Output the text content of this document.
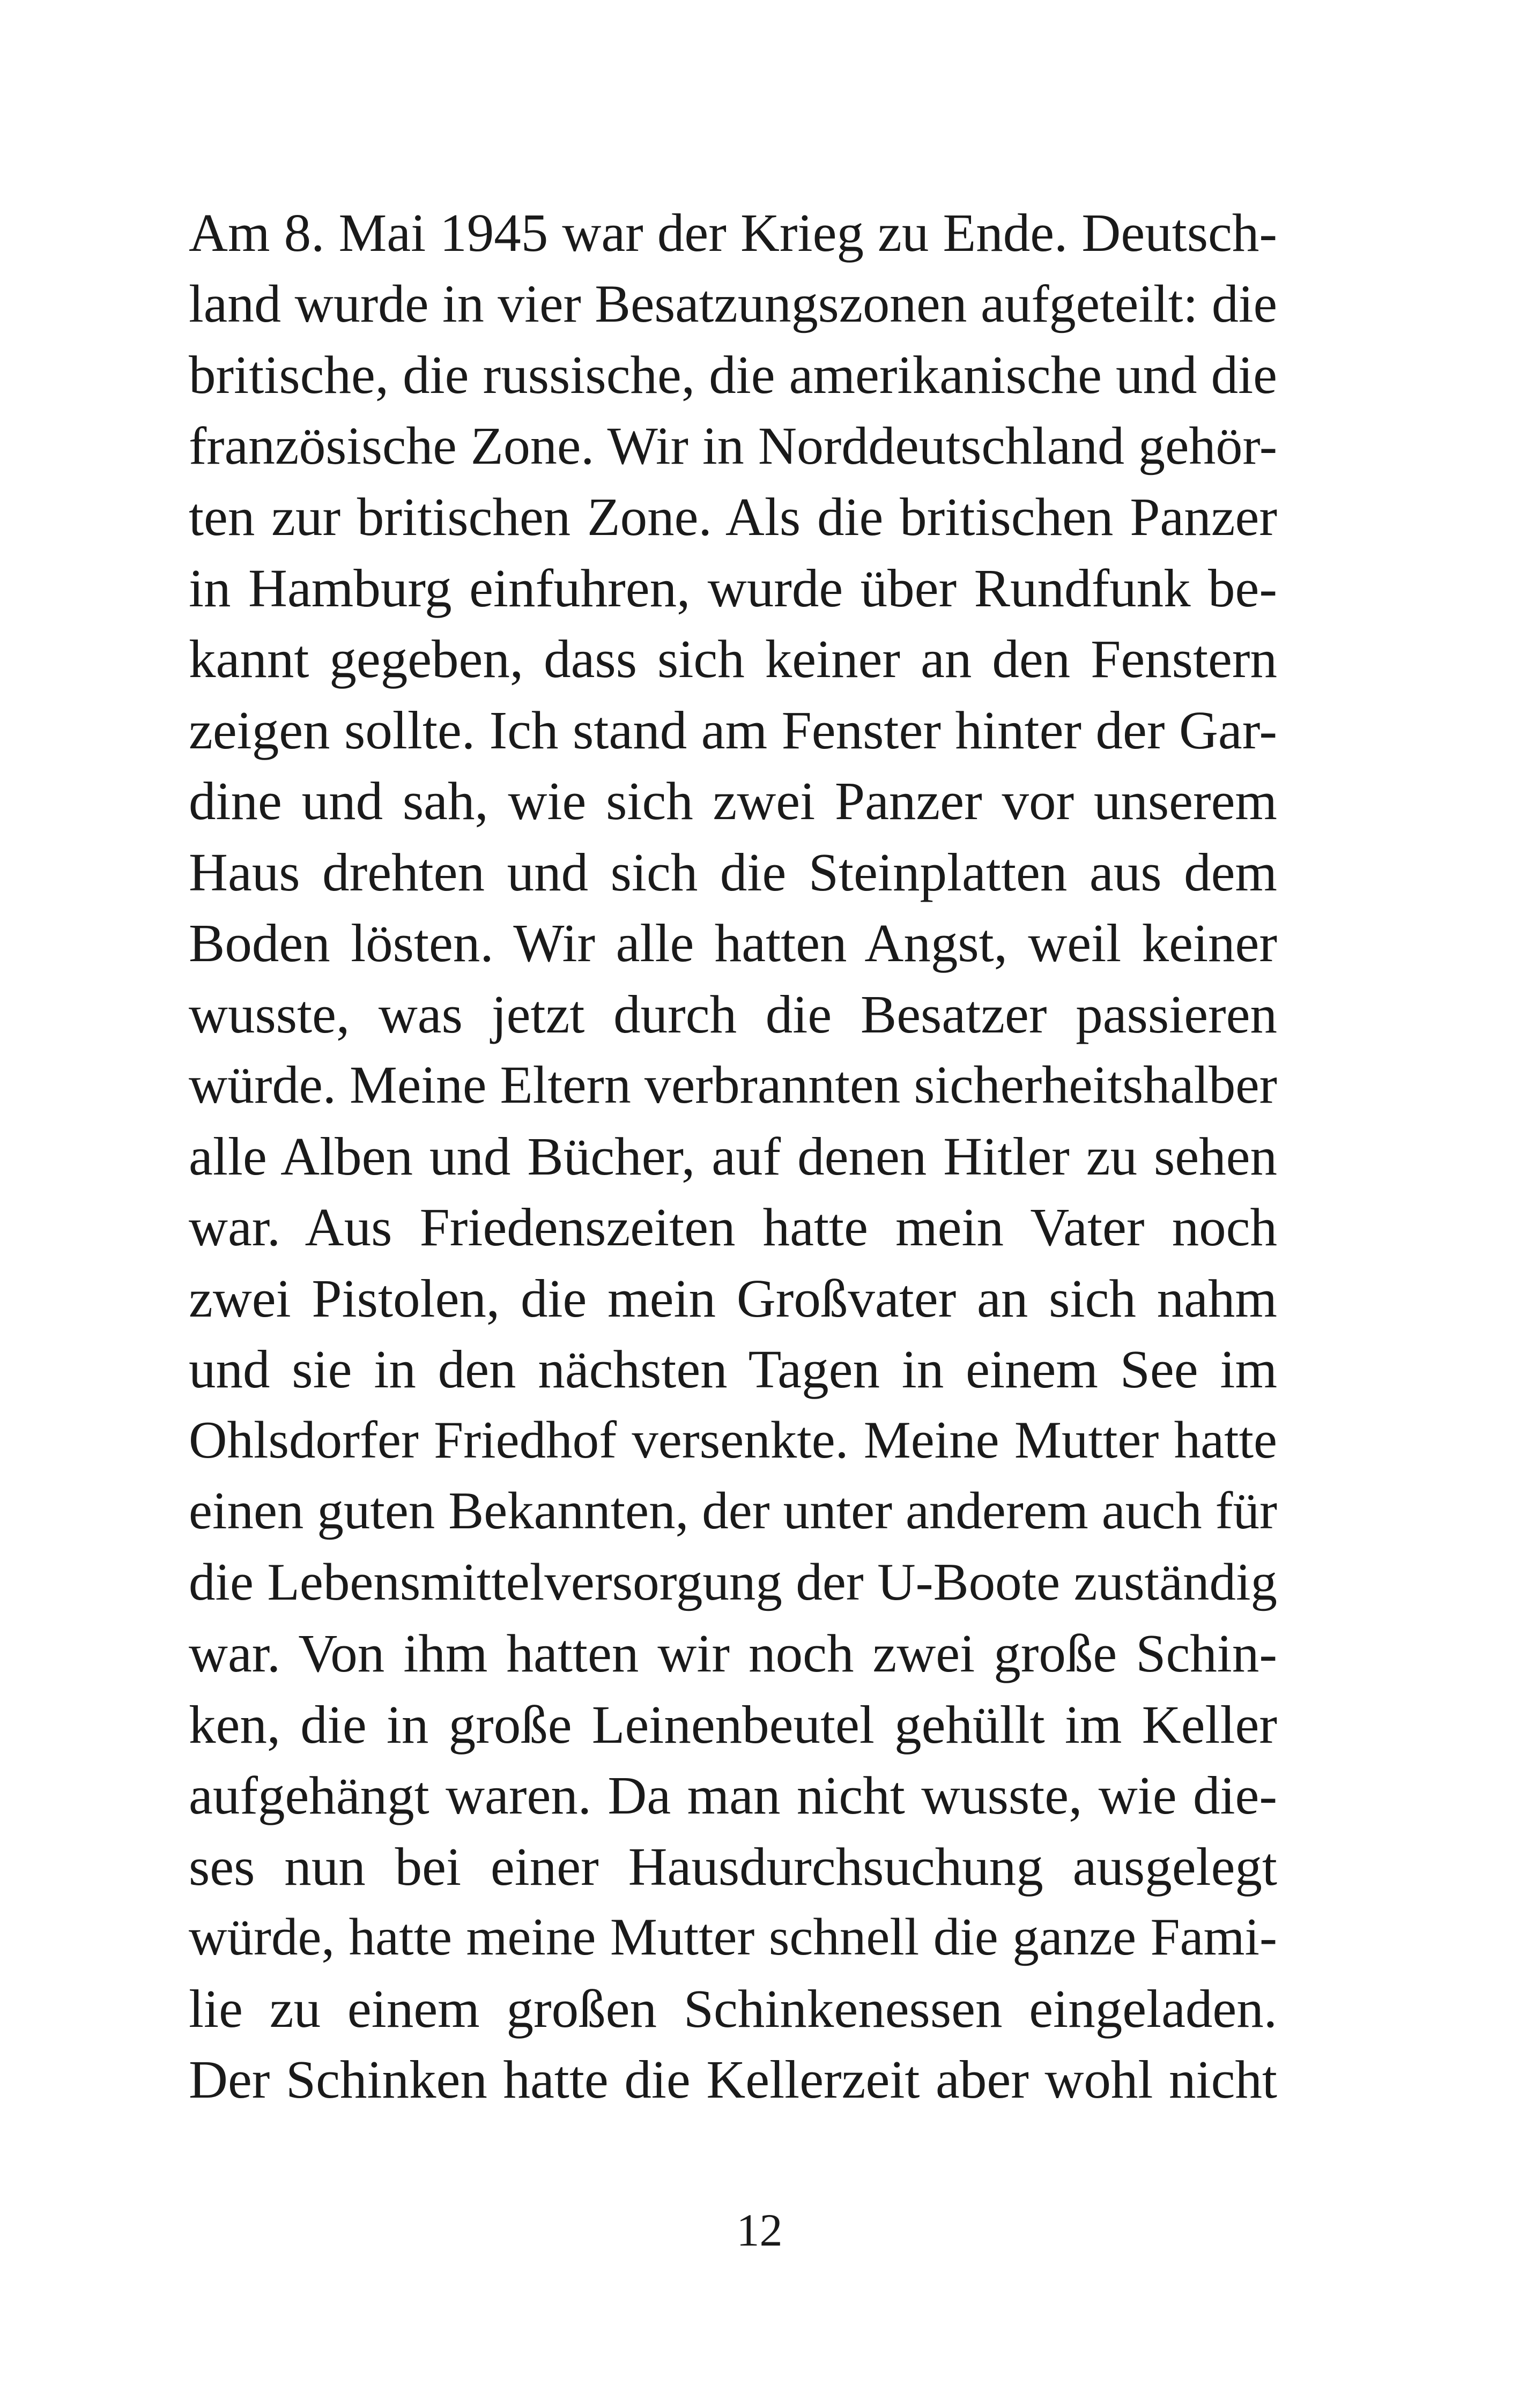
Am 8. Mai 1945 war der Krieg zu Ende. Deutsch-
land wurde in vier Besatzungszonen aufgeteilt: die
britische, die russische, die amerikanische und die
französische Zone. Wir in Norddeutschland gehör-
ten zur britischen Zone. Als die britischen Panzer
in Hamburg einfuhren, wurde über Rundfunk be-
kannt gegeben, dass sich keiner an den Fenstern
zeigen sollte. Ich stand am Fenster hinter der Gar-
dine und sah, wie sich zwei Panzer vor unserem
Haus drehten und sich die Steinplatten aus dem
Boden lösten. Wir alle hatten Angst, weil keiner
wusste, was jetzt durch die Besatzer passieren
würde. Meine Eltern verbrannten sicherheitshalber
alle Alben und Bücher, auf denen Hitler zu sehen
war. Aus Friedenszeiten hatte mein Vater noch
zwei Pistolen, die mein Großvater an sich nahm
und sie in den nächsten Tagen in einem See im
Ohlsdorfer Friedhof versenkte. Meine Mutter hatte
einen guten Bekannten, der unter anderem auch für
die Lebensmittelversorgung der U-Boote zuständig
war. Von ihm hatten wir noch zwei große Schin-
ken, die in große Leinenbeutel gehüllt im Keller
aufgehängt waren. Da man nicht wusste, wie die-
ses nun bei einer Hausdurchsuchung ausgelegt
würde, hatte meine Mutter schnell die ganze Fami-
lie zu einem großen Schinkenessen eingeladen.
Der Schinken hatte die Kellerzeit aber wohl nicht
12
